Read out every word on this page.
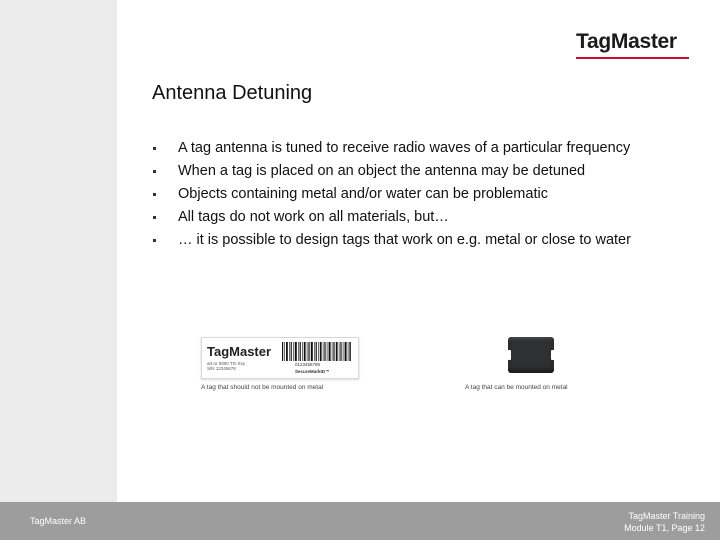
TagMaster
Antenna Detuning
A tag antenna is tuned to receive radio waves of a particular frequency
When a tag is placed on an object the antenna may be detuned
Objects containing metal and/or water can be problematic
All tags do not work on all materials, but…
… it is possible to design tags that work on e.g. metal or close to water
TagMaster
art.nr 0000 TG-Xxy
S/N 12345678
0123456789
SecureMarkID™
A tag that should not be mounted on metal	A tag that can be mounted on metal
TagMaster AB	TagMaster Training
Module T1, Page 12
